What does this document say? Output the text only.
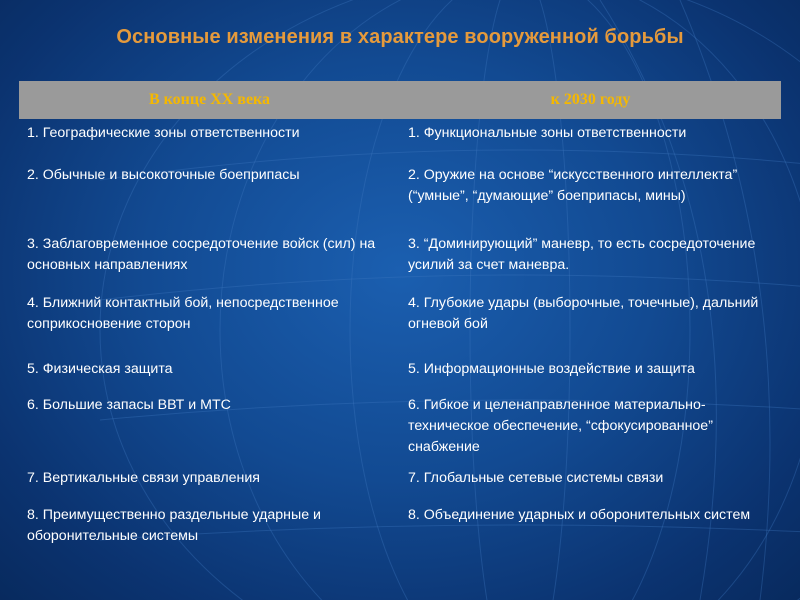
Основные изменения в характере вооруженной борьбы
В конце XX века	к 2030 году
1. Географические зоны ответственности	1. Функциональные зоны ответственности
2. Обычные и высокоточные боеприпасы	2. Оружие на основе “искусственного интеллекта” (“умные”, “думающие” боеприпасы, мины)
3. Заблаговременное сосредоточение войск (сил) на основных направлениях	3. “Доминирующий” маневр, то есть сосредоточение усилий за счет маневра.
4. Ближний контактный бой, непосредственное соприкосновение сторон	4. Глубокие удары (выборочные, точечные), дальний огневой бой
5. Физическая защита	5. Информационные воздействие и защита
6. Большие запасы ВВТ и МТС	6. Гибкое и целенаправленное материально-техническое обеспечение, “сфокусированное” снабжение
7. Вертикальные связи управления	7. Глобальные сетевые системы связи
8. Преимущественно раздельные ударные и оборонительные системы	8. Объединение ударных и оборонительных систем
